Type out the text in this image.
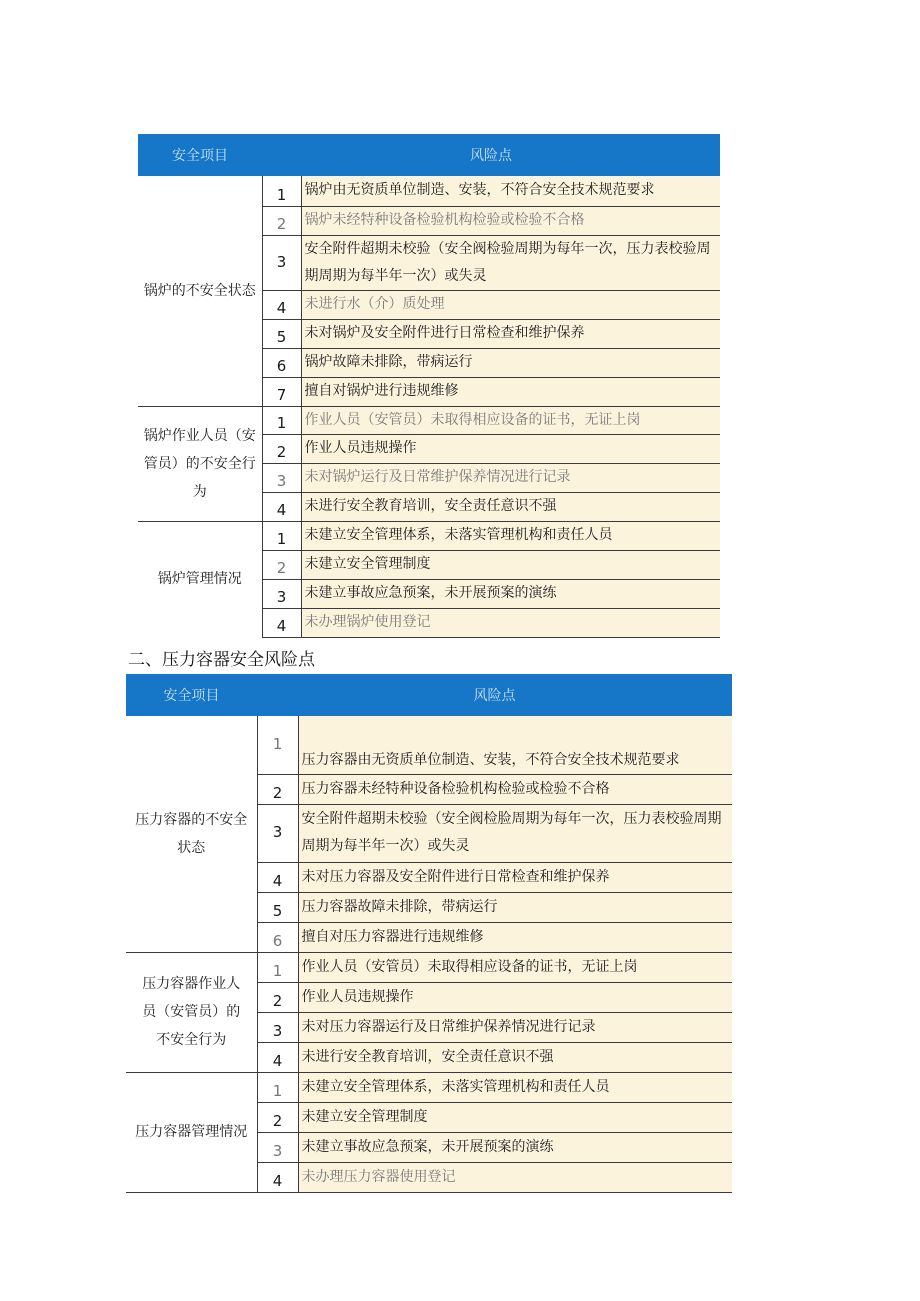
安全项目	风险点	
锅炉的不安全状态	1	锅炉由无资质单位制造、安装，不符合安全技术规范要求
	2	锅炉未经特种设备检验机构检验或检验不合格
	3	安全附件超期未校验（安全阀检验周期为每年一次，压力表校验周期周期为每半年一次）或失灵
	4	未进行水（介）质处理
	5	未对锅炉及安全附件进行日常检查和维护保养
	6	锅炉故障未排除，带病运行
	7	擅自对锅炉进行违规维修
锅炉作业人员（安管员）的不安全行为	1	作业人员（安管员）未取得相应设备的证书，无证上岗
	2	作业人员违规操作
	3	未对锅炉运行及日常维护保养情况进行记录
	4	未进行安全教育培训，安全责任意识不强
锅炉管理情况	1	未建立安全管理体系，未落实管理机构和责任人员
	2	未建立安全管理制度
	3	未建立事故应急预案，未开展预案的演练
	4	未办理锅炉使用登记
二、压力容器安全风险点
安全项目	风险点	
压力容器的不安全状态	1	压力容器由无资质单位制造、安装，不符合安全技术规范要求
	2	压力容器未经特种设备检验机构检验或检验不合格
	3	安全附件超期未校验（安全阀检脸周期为每年一次，压力表校验周期周期为每半年一次）或失灵
	4	未对压力容器及安全附件进行日常检查和维护保养
	5	压力容器故障未排除，带病运行
	6	擅自对压力容器进行违规维修
压力容器作业人员（安管员）的不安全行为	1	作业人员（安管员）未取得相应设备的证书，无证上岗
	2	作业人员违规操作
	3	未对压力容器运行及日常维护保养情况进行记录
	4	未进行安全教育培训，安全责任意识不强
压力容器管理情况	1	未建立安全管理体系，未落实管理机构和责任人员
	2	未建立安全管理制度
	3	未建立事故应急预案，未开展预案的演练
	4	未办理压力容器使用登记
